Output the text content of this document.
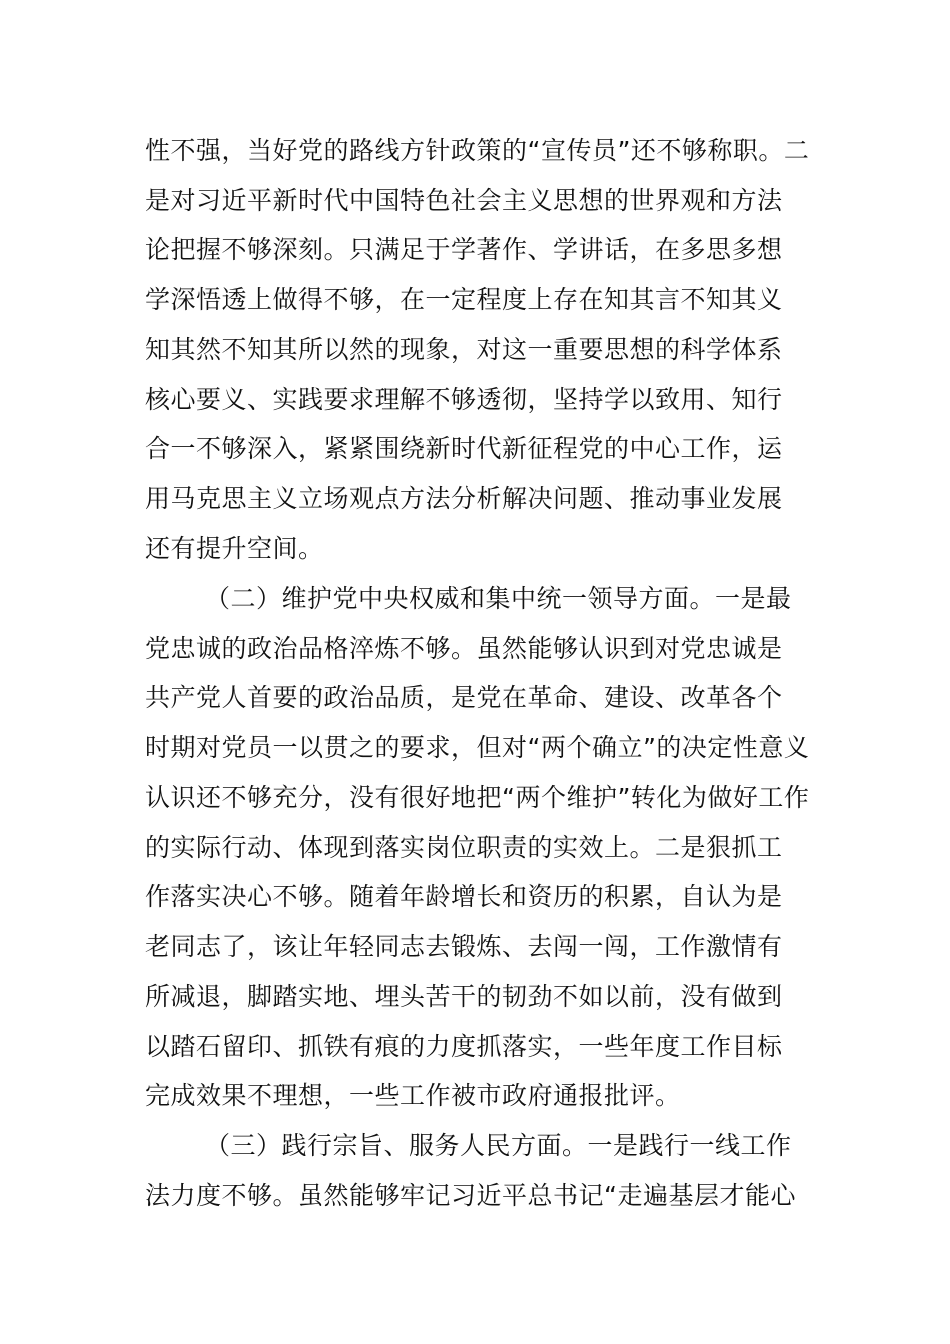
性不强，当好党的路线方针政策的“宣传员”还不够称职。二
是对习近平新时代中国特色社会主义思想的世界观和方法
论把握不够深刻。只满足于学著作、学讲话，在多思多想
学深悟透上做得不够，在一定程度上存在知其言不知其义
知其然不知其所以然的现象，对这一重要思想的科学体系
核心要义、实践要求理解不够透彻，坚持学以致用、知行
合一不够深入，紧紧围绕新时代新征程党的中心工作，运
用马克思主义立场观点方法分析解决问题、推动事业发展
还有提升空间。
（二）维护党中央权威和集中统一领导方面。一是最
党忠诚的政治品格淬炼不够。虽然能够认识到对党忠诚是
共产党人首要的政治品质，是党在革命、建设、改革各个
时期对党员一以贯之的要求，但对“两个确立”的决定性意义
认识还不够充分，没有很好地把“两个维护”转化为做好工作
的实际行动、体现到落实岗位职责的实效上。二是狠抓工
作落实决心不够。随着年龄增长和资历的积累，自认为是
老同志了，该让年轻同志去锻炼、去闯一闯，工作激情有
所减退，脚踏实地、埋头苦干的韧劲不如以前，没有做到
以踏石留印、抓铁有痕的力度抓落实，一些年度工作目标
完成效果不理想，一些工作被市政府通报批评。
（三）践行宗旨、服务人民方面。一是践行一线工作
法力度不够。虽然能够牢记习近平总书记“走遍基层才能心
